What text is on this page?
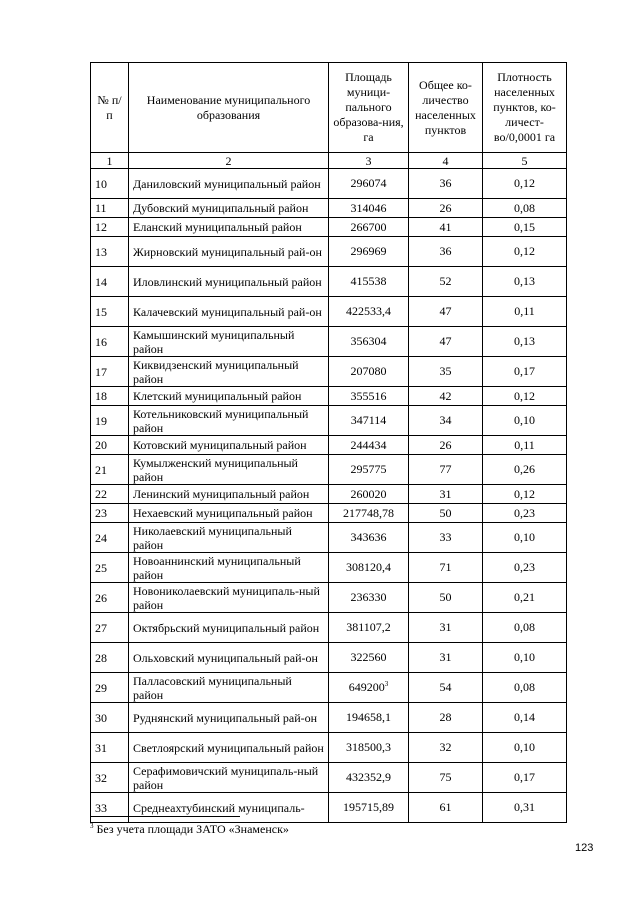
№ п/ п	Наименование муниципального образования	Площадь муници-пального образова-ния, га	Общее ко-личество населенных пунктов	Плотность населенных пунктов, ко-личест-во/0,0001 га
1	2	3	4	5
10	Даниловский муниципальный район	296074	36	0,12
11	Дубовский муниципальный район	314046	26	0,08
12	Еланский муниципальный район	266700	41	0,15
13	Жирновский муниципальный рай-он	296969	36	0,12
14	Иловлинский муниципальный район	415538	52	0,13
15	Калачевский муниципальный рай-он	422533,4	47	0,11
16	Камышинский муниципальный район	356304	47	0,13
17	Киквидзенский муниципальный район	207080	35	0,17
18	Клетский муниципальный район	355516	42	0,12
19	Котельниковский муниципальный район	347114	34	0,10
20	Котовский муниципальный район	244434	26	0,11
21	Кумылженский муниципальный район	295775	77	0,26
22	Ленинский муниципальный район	260020	31	0,12
23	Нехаевский муниципальный район	217748,78	50	0,23
24	Николаевский муниципальный район	343636	33	0,10
25	Новоаннинский муниципальный район	308120,4	71	0,23
26	Новониколаевский муниципаль-ный район	236330	50	0,21
27	Октябрьский муниципальный район	381107,2	31	0,08
28	Ольховский муниципальный рай-он	322560	31	0,10
29	Палласовский муниципальный район	649200$^3$	54	0,08
30	Руднянский муниципальный рай-он	194658,1	28	0,14
31	Светлоярский муниципальный район	318500,3	32	0,10
32	Серафимовичский муниципаль-ный район	432352,9	75	0,17
33	Среднеахтубинский муниципаль-	195715,89	61	0,31
$^3$ Без учета площади ЗАТО «Знаменск»
123
